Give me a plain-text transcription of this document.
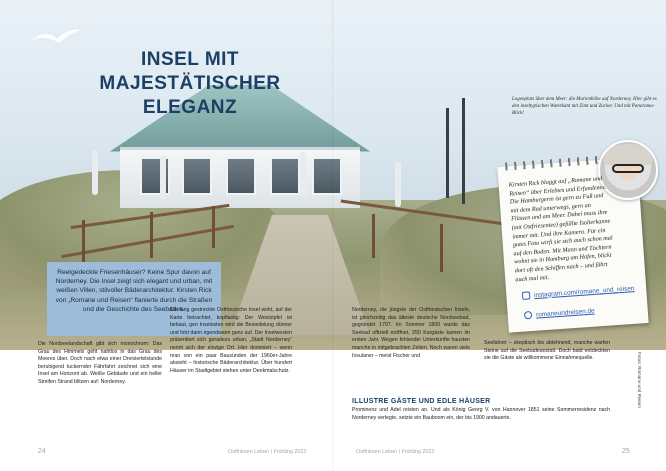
INSEL MIT MAJESTÄTISCHER
ELEGANZ	Logenplatz über dem Meer: die Marienhöhe auf Norderney. Hier gibt es den inseltypischen Waterkant mit Zimt und Zucker. Und mit Panorama-Blick!

Kirsten Rick bloggt auf „Romane und Reisen“ über Erlebtes und Erfundenes. Die Hamburgerin ist gern zu Fuß und mit dem Rad unterwegs, gern an Flüssen und am Meer. Dabei muss ihre (mit Ostfriesentee) gefüllte Isolierkanne immer mit. Und ihre Kamera. Für ein gutes Foto wirft sie sich auch schon mal auf den Boden. Mit Mann und Töchtern wohnt sie in Hamburg am Hafen, blickt dort oft den Schiffen nach – und fährt auch mal mit.

instagram.com/romane_und_reisen
romaneundreisen.de

Reetgedeckte Friesenhäuser? Keine Spur davon auf Norderney. Die Insel zeigt sich elegant und urban, mit weißen Villen, stilvoller Bäderarchitektur. Kirsten Rick von „Romane und Reisen“ flanierte durch die Straßen und die Geschichte des Seebades.

Die Nordseelandschaft gibt sich monochrom: Das Grau des Himmels geht nahtlos in das Grau des Meeres über. Doch nach etwa einer Dreiviertelstunde beruhigend tuckernder Fährfahrt zeichnet sich eine Insel am Horizont ab. Weiße Gebäude und ein heller Streifen Strand blitzen auf: Norderney.

Die lang gestreckte Ostfriesische Insel wirkt, auf der Karte betrachtet, kopflastig: Der Westzipfel ist bebaut, gen Inselosten wird die Besiedelung dünner und hört dann irgendwann ganz auf. Der Inselwesten präsentiert sich geradezu urban, „Stadt Norderney“ nennt sich der einzige Ort. Hier dominiert – wenn man von ein paar Bausünden der 1960er-Jahre absieht – historische Bäderarchitektur. Über hundert Häuser im Stadtgebiet stehen unter Denkmalschutz.

Norderney, die jüngste der Ostfriesischen Inseln, ist gleichzeitig das älteste deutsche Nordseebad, gegründet 1797. Im Sommer 1800 wurde das Seebad offiziell eröffnet, 250 Kurgäste kamen im ersten Jahr. Wegen fehlender Unterkünfte hausten manche in mitgebrachten Zelten. Noch waren viele Insulaner – meist Fischer und

Seefahrer – skeptisch bis ablehnend, manche warfen Steine auf die Seebadeanstalt. Doch bald entdeckten sie die Gäste als willkommene Einnahmequelle.

ILLUSTRE GÄSTE UND EDLE HÄUSER

Prominenz und Adel reisten an. Und als König Georg V. von Hannover 1851 seine Sommerresidenz nach Norderney verlegte, setzte ein Bauboom ein, der bis 1900 andauerte.

24	Ostfriesen Leben | Frühling 2022	Ostfriesen Leben | Frühling 2022	25

Fotos: Romane und Reisen
